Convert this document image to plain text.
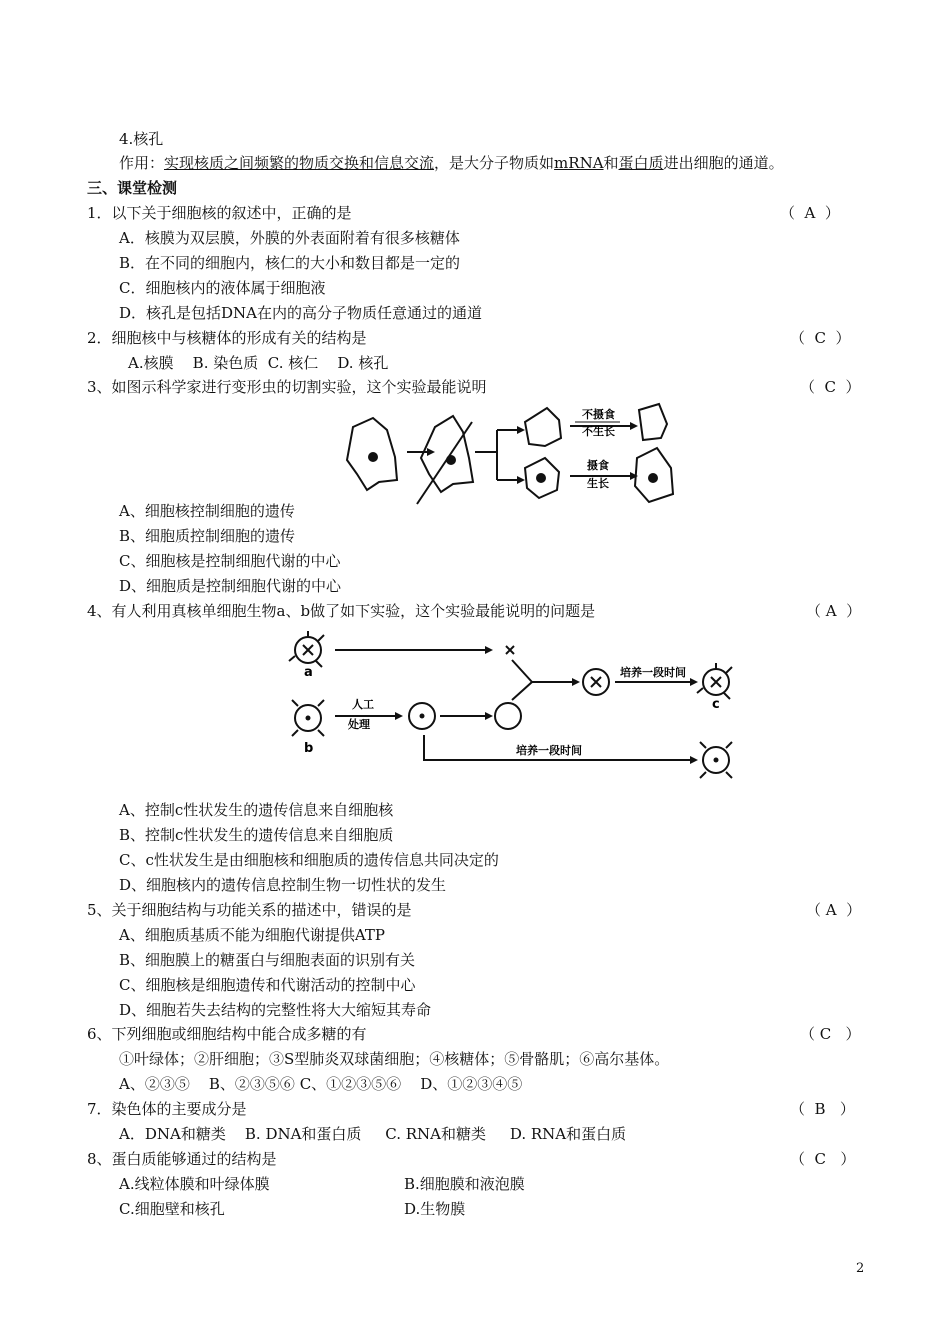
4.核孔
作用：实现核质之间频繁的物质交换和信息交流，是大分子物质如mRNA和蛋白质进出细胞的通道。
三、课堂检测
1．以下关于细胞核的叙述中，正确的是	（  A  ）
A．核膜为双层膜，外膜的外表面附着有很多核糖体
B．在不同的细胞内，核仁的大小和数目都是一定的
C．细胞核内的液体属于细胞液
D．核孔是包括DNA在内的高分子物质任意通过的通道
2．细胞核中与核糖体的形成有关的结构是	（  C  ）
A.核膜    B. 染色质  C. 核仁    D. 核孔
3、如图示科学家进行变形虫的切割实验，这个实验最能说明	（  C  ）
不摄食
不生长
摄食
生长
A、细胞核控制细胞的遗传
B、细胞质控制细胞的遗传
C、细胞核是控制细胞代谢的中心
D、细胞质是控制细胞代谢的中心
4、有人利用真核单细胞生物a、b做了如下实验，这个实验最能说明的问题是	（ A  ）
a
b
c
人工
处理
培养一段时间
培养一段时间
A、控制c性状发生的遗传信息来自细胞核
B、控制c性状发生的遗传信息来自细胞质
C、c性状发生是由细胞核和细胞质的遗传信息共同决定的
D、细胞核内的遗传信息控制生物一切性状的发生
5、关于细胞结构与功能关系的描述中，错误的是	（ A  ）
A、细胞质基质不能为细胞代谢提供ATP
B、细胞膜上的糖蛋白与细胞表面的识别有关
C、细胞核是细胞遗传和代谢活动的控制中心
D、细胞若失去结构的完整性将大大缩短其寿命
6、下列细胞或细胞结构中能合成多糖的有	（ C   ）
①叶绿体；②肝细胞；③S型肺炎双球菌细胞；④核糖体；⑤骨骼肌；⑥高尔基体。
A、②③⑤    B、②③⑤⑥ C、①②③⑤⑥    D、①②③④⑤
7．染色体的主要成分是	（  B   ）
A．DNA和糖类    B. DNA和蛋白质     C. RNA和糖类     D. RNA和蛋白质
8、蛋白质能够通过的结构是	（  C   ）
A.线粒体膜和叶绿体膜	B.细胞膜和液泡膜
C.细胞壁和核孔	D.生物膜
2
